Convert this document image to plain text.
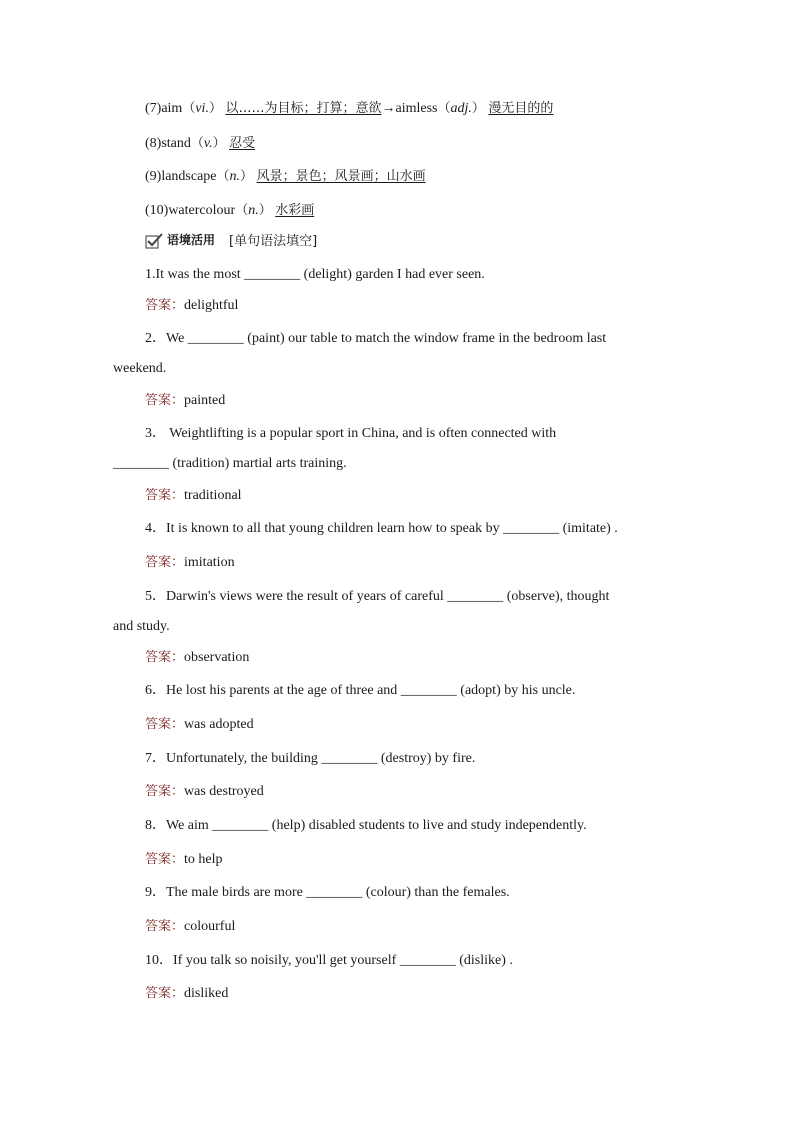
(7)aim（vi.） 以……为目标；打算；意欲→aimless（adj.） 漫无目的的
(8)stand（v.） 忍受
(9)landscape（n.） 风景；景色；风景画；山水画
(10)watercolour（n.） 水彩画
语境活用 [单句语法填空]
1.It was the most ________ (delight) garden I had ever seen.
答案：delightful
2．We ________ (paint) our table to match the window frame in the bedroom last
weekend.
答案：painted
3． Weightlifting is a popular sport in China, and is often connected with
________ (tradition) martial arts training.
答案：traditional
4．It is known to all that young children learn how to speak by ________ (imitate) .
答案：imitation
5．Darwin's views were the result of years of careful ________ (observe), thought
and study.
答案：observation
6．He lost his parents at the age of three and ________ (adopt) by his uncle.
答案：was adopted
7．Unfortunately, the building ________ (destroy) by fire.
答案：was destroyed
8．We aim ________ (help) disabled students to live and study independently.
答案：to help
9．The male birds are more ________ (colour) than the females.
答案：colourful
10．If you talk so noisily, you'll get yourself ________ (dislike) .
答案：disliked
